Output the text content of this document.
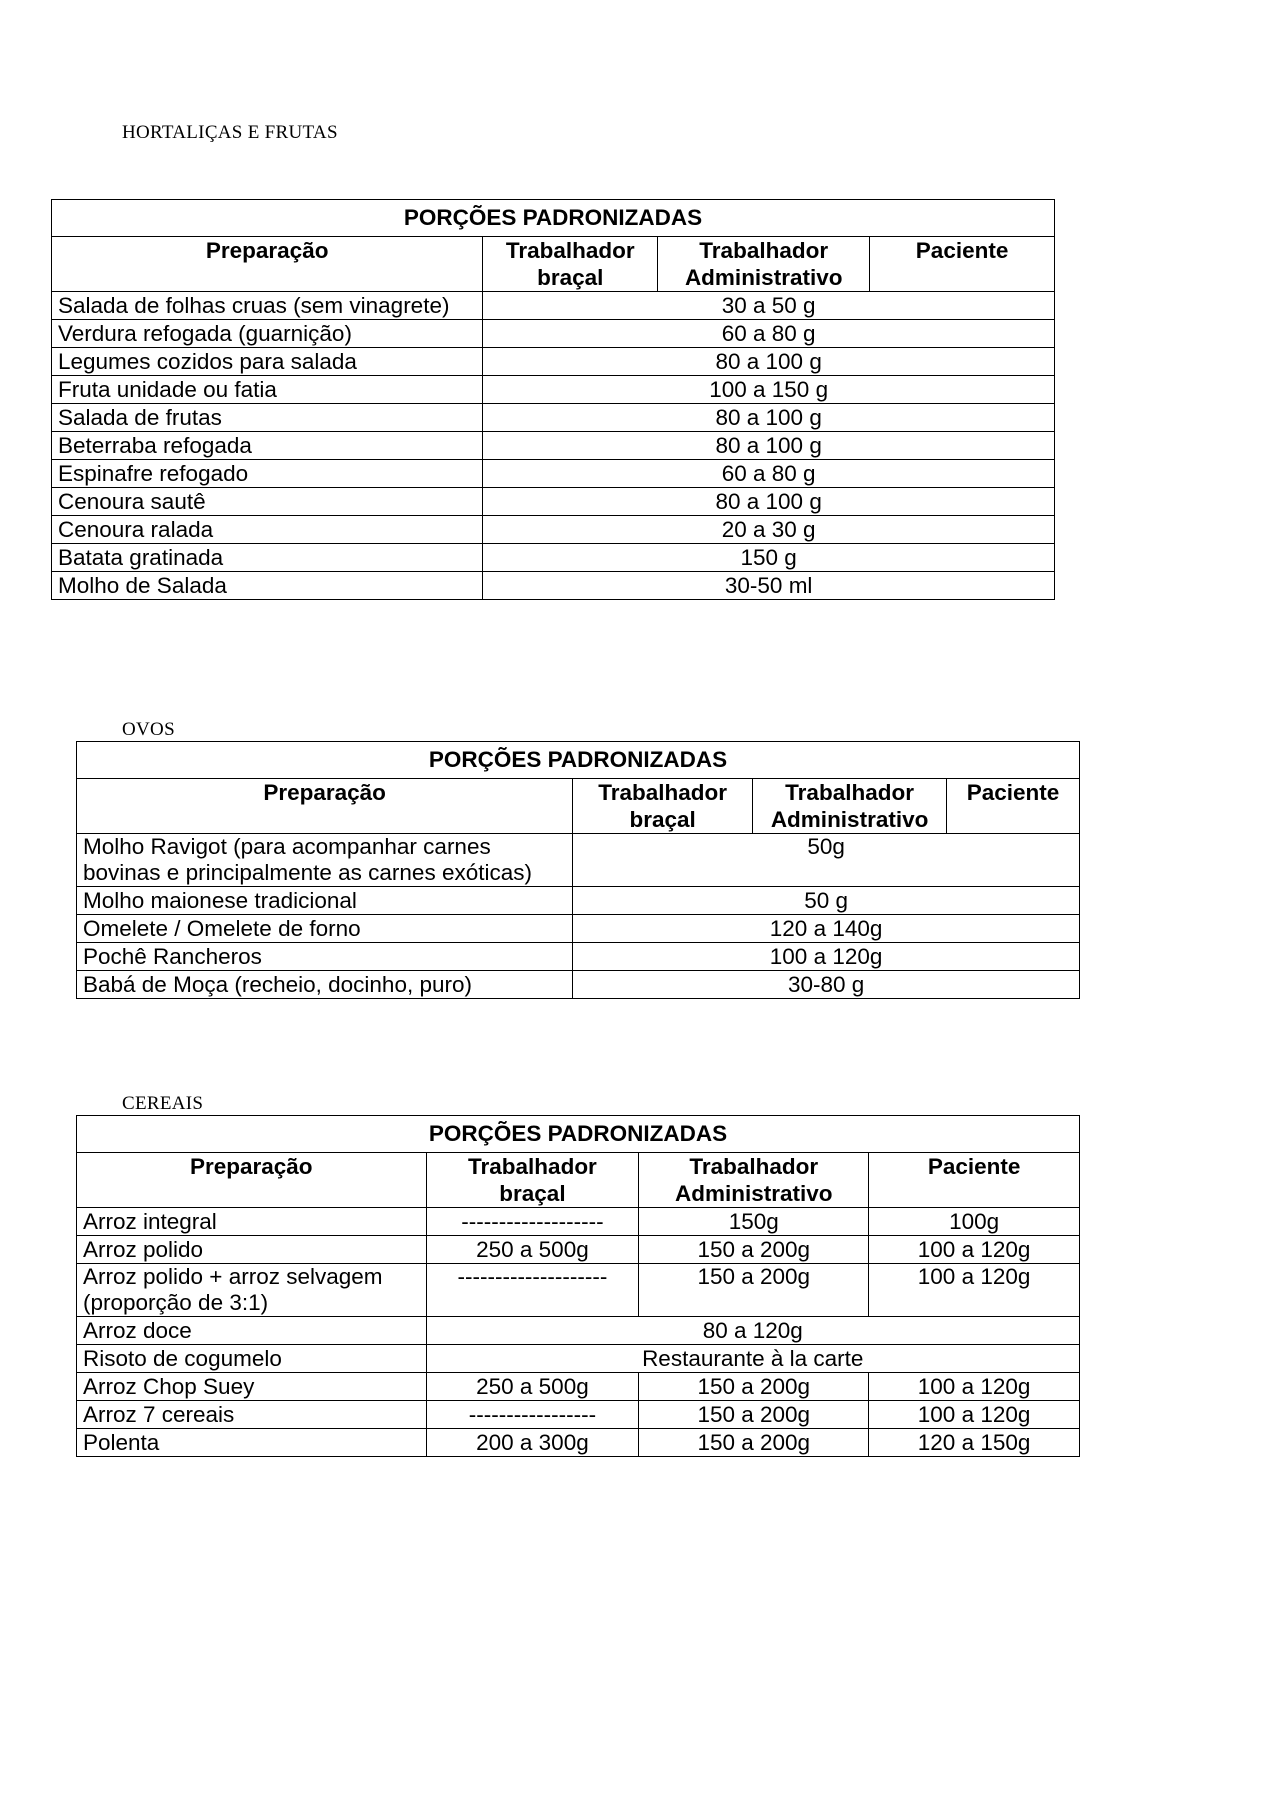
HORTALIÇAS E FRUTAS
PORÇÕES PADRONIZADAS			
Preparação	Trabalhador braçal	Trabalhador Administrativo	Paciente
Salada de folhas cruas (sem vinagrete)	30 a 50 g		
Verdura refogada (guarnição)	60 a 80 g		
Legumes cozidos para salada	80 a 100 g		
Fruta unidade ou fatia	100 a 150 g		
Salada de frutas	80 a 100 g		
Beterraba refogada	80 a 100 g		
Espinafre refogado	60 a 80 g		
Cenoura sautê	80 a 100 g		
Cenoura ralada	20 a 30 g		
Batata gratinada	150 g		
Molho de Salada	30-50 ml		
OVOS
PORÇÕES PADRONIZADAS			
Preparação	Trabalhador braçal	Trabalhador Administrativo	Paciente
Molho Ravigot (para acompanhar carnes bovinas e principalmente as carnes exóticas)	50g		
Molho maionese tradicional	50 g		
Omelete / Omelete de forno	120 a 140g		
Pochê Rancheros	100 a 120g		
Babá de Moça (recheio, docinho, puro)	30-80 g		
CEREAIS
PORÇÕES PADRONIZADAS			
Preparação	Trabalhador braçal	Trabalhador Administrativo	Paciente
Arroz integral	-------------------	150g	100g
Arroz polido	250 a 500g	150 a 200g	100 a 120g
Arroz polido + arroz selvagem (proporção de 3:1)	--------------------	150 a 200g	100 a 120g
Arroz doce	80 a 120g		
Risoto de cogumelo	Restaurante à la carte		
Arroz Chop Suey	250 a 500g	150 a 200g	100 a 120g
Arroz 7 cereais	-----------------	150 a 200g	100 a 120g
Polenta	200 a 300g	150 a 200g	120 a 150g
